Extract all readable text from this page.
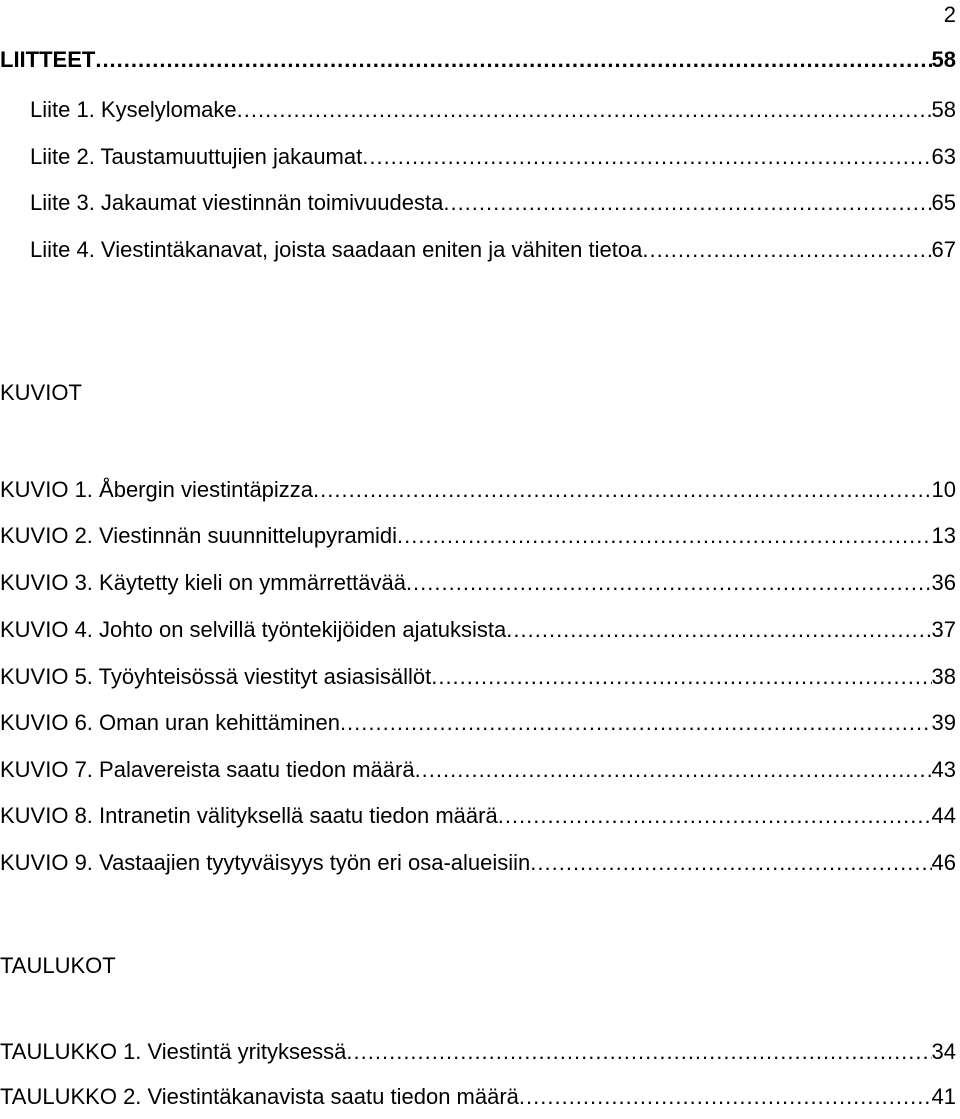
2
LIITTEET .....	58
Liite 1. Kyselylomake .....	58
Liite 2. Taustamuuttujien jakaumat .....	63
Liite 3. Jakaumat viestinnän toimivuudesta .....	65
Liite 4. Viestintäkanavat, joista saadaan eniten ja vähiten tietoa .....	67
KUVIOT
KUVIO 1. Åbergin viestintäpizza .....	10
KUVIO 2. Viestinnän suunnittelupyramidi .....	13
KUVIO 3. Käytetty kieli on ymmärrettävää .....	36
KUVIO 4. Johto on selvillä työntekijöiden ajatuksista .....	37
KUVIO 5. Työyhteisössä viestityt asiasisällöt .....	38
KUVIO 6. Oman uran kehittäminen .....	39
KUVIO 7. Palavereista saatu tiedon määrä .....	43
KUVIO 8. Intranetin välityksellä saatu tiedon määrä .....	44
KUVIO 9. Vastaajien tyytyväisyys työn eri osa-alueisiin .....	46
TAULUKOT
TAULUKKO 1. Viestintä yrityksessä .....	34
TAULUKKO 2. Viestintäkanavista saatu tiedon määrä .....	41
